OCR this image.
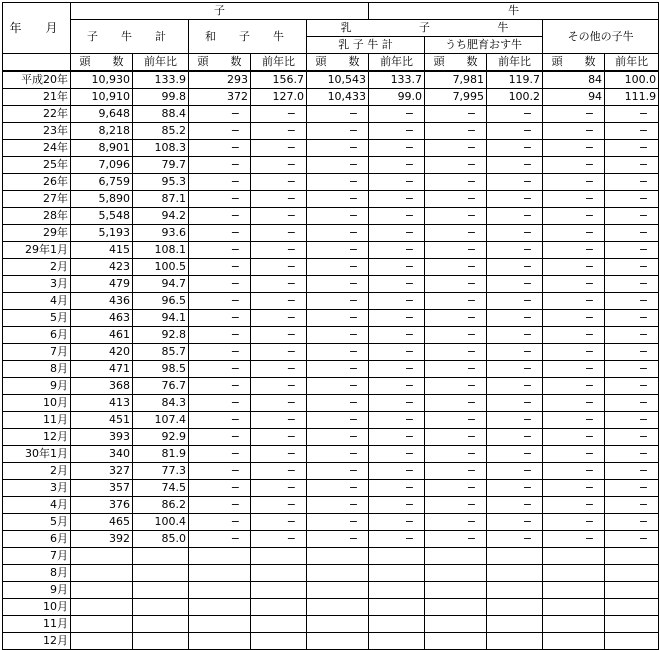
年　月	子					牛				
	子　牛　計		和　子　牛		乳 子 牛				その他の子牛	
					乳 子 牛 計		うち肥育おす牛			
	頭　　数	前年比	頭　　数	前年比	頭　　数	前年比	頭　　数	前年比	頭　　数	前年比
平成20年	10,930	133.9	293	156.7	10,543	133.7	7,981	119.7	84	100.0
21年	10,910	99.8	372	127.0	10,433	99.0	7,995	100.2	94	111.9
22年	9,648	88.4	−	−	−	−	−	−	−	−
23年	8,218	85.2	−	−	−	−	−	−	−	−
24年	8,901	108.3	−	−	−	−	−	−	−	−
25年	7,096	79.7	−	−	−	−	−	−	−	−
26年	6,759	95.3	−	−	−	−	−	−	−	−
27年	5,890	87.1	−	−	−	−	−	−	−	−
28年	5,548	94.2	−	−	−	−	−	−	−	−
29年	5,193	93.6	−	−	−	−	−	−	−	−
29年1月	415	108.1	−	−	−	−	−	−	−	−
2月	423	100.5	−	−	−	−	−	−	−	−
3月	479	94.7	−	−	−	−	−	−	−	−
4月	436	96.5	−	−	−	−	−	−	−	−
5月	463	94.1	−	−	−	−	−	−	−	−
6月	461	92.8	−	−	−	−	−	−	−	−
7月	420	85.7	−	−	−	−	−	−	−	−
8月	471	98.5	−	−	−	−	−	−	−	−
9月	368	76.7	−	−	−	−	−	−	−	−
10月	413	84.3	−	−	−	−	−	−	−	−
11月	451	107.4	−	−	−	−	−	−	−	−
12月	393	92.9	−	−	−	−	−	−	−	−
30年1月	340	81.9	−	−	−	−	−	−	−	−
2月	327	77.3	−	−	−	−	−	−	−	−
3月	357	74.5	−	−	−	−	−	−	−	−
4月	376	86.2	−	−	−	−	−	−	−	−
5月	465	100.4	−	−	−	−	−	−	−	−
6月	392	85.0	−	−	−	−	−	−	−	−
7月										
8月										
9月										
10月										
11月										
12月										
